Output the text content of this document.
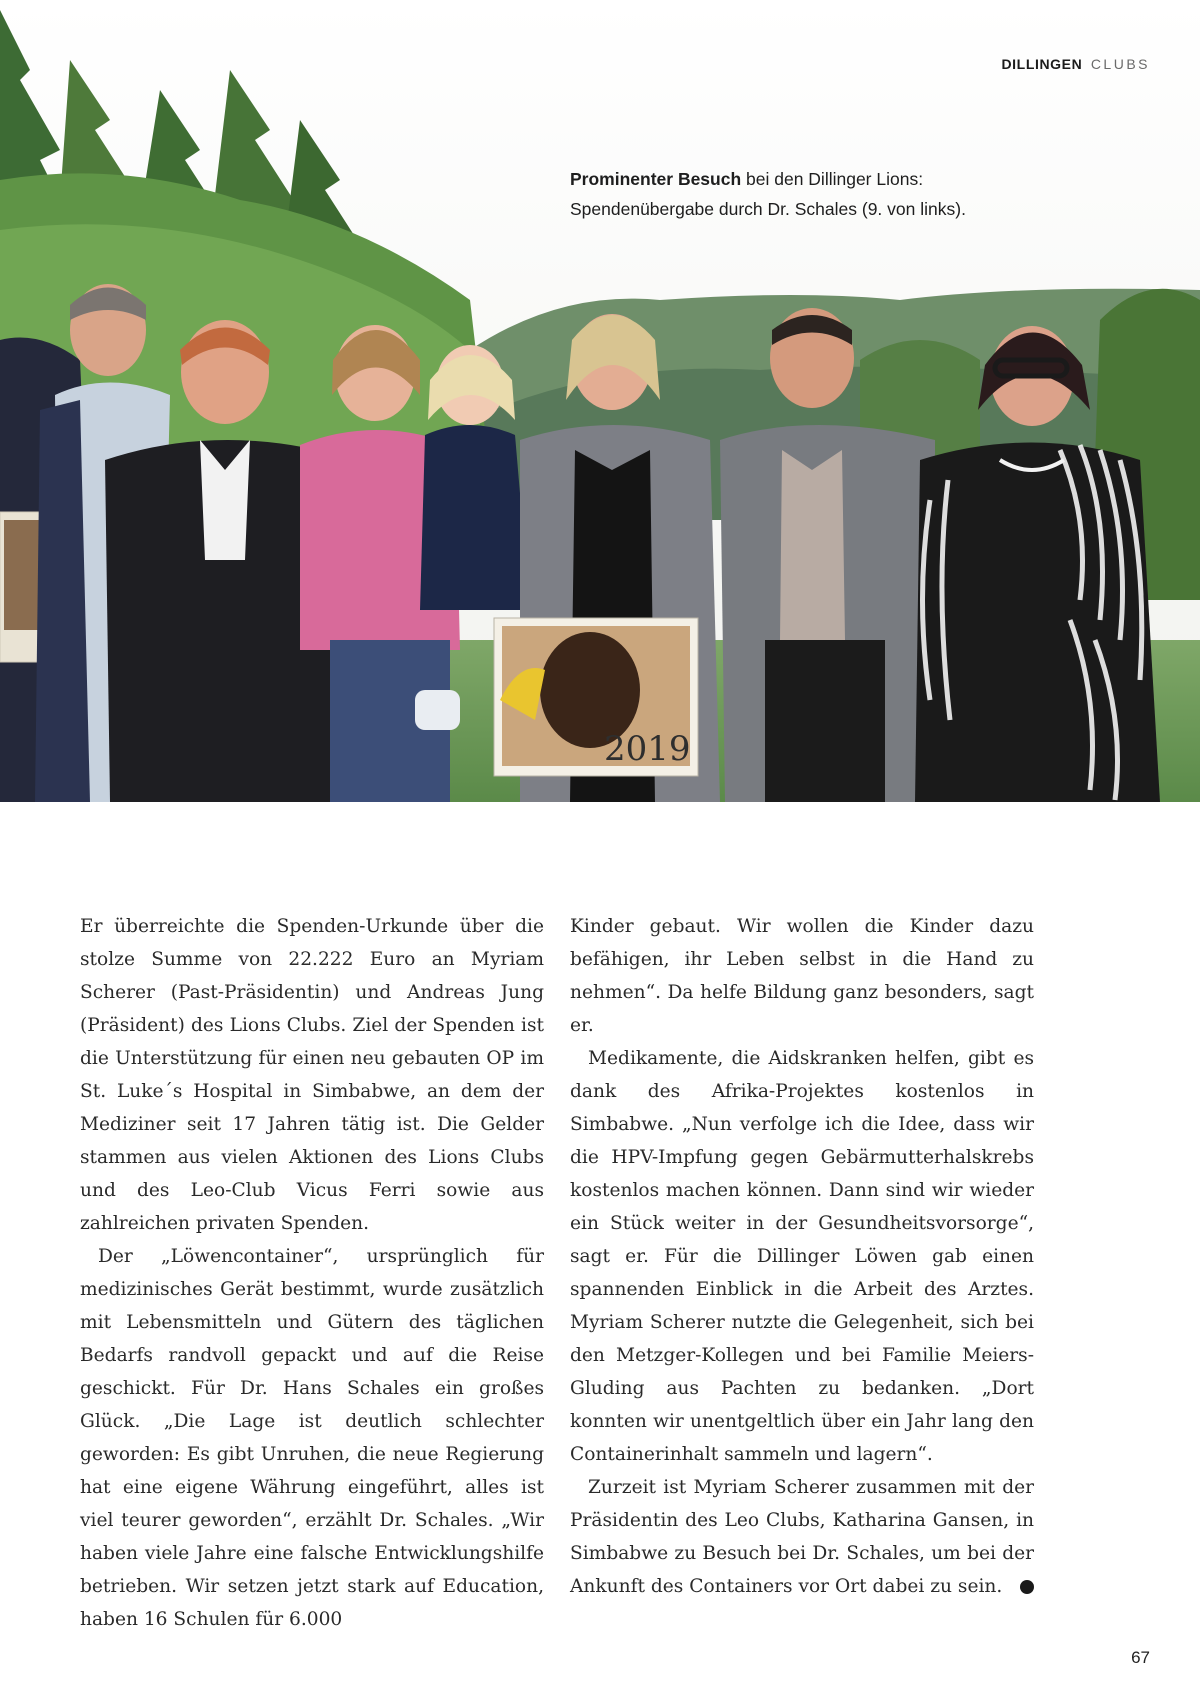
2019

DILLINGEN CLUBS

Prominenter Besuch bei den Dillinger Lions: Spendenübergabe durch Dr. Schales (9. von links).

Er überreichte die Spenden-Urkunde über die stolze Summe von 22.222 Euro an Myriam Scherer (Past-Präsidentin) und Andreas Jung (Präsident) des Lions Clubs. Ziel der Spenden ist die Unterstützung für einen neu gebauten OP im St. Luke´s Hospital in Simbabwe, an dem der Mediziner seit 17 Jahren tätig ist. Die Gelder stammen aus vielen Aktionen des Lions Clubs und des Leo-Club Vicus Ferri sowie aus zahlreichen privaten Spenden.

Der „Löwencontainer“, ursprünglich für medizinisches Gerät bestimmt, wurde zusätzlich mit Lebensmitteln und Gütern des täglichen Bedarfs randvoll gepackt und auf die Reise geschickt. Für Dr. Hans Schales ein großes Glück. „Die Lage ist deutlich schlechter geworden: Es gibt Unruhen, die neue Regierung hat eine eigene Währung eingeführt, alles ist viel teurer geworden“, erzählt Dr. Schales. „Wir haben viele Jahre eine falsche Entwicklungshilfe betrieben. Wir setzen jetzt stark auf Education, haben 16 Schulen für 6.000

Kinder gebaut. Wir wollen die Kinder dazu befähigen, ihr Leben selbst in die Hand zu nehmen“. Da helfe Bildung ganz besonders, sagt er.

Medikamente, die Aidskranken helfen, gibt es dank des Afrika-Projektes kostenlos in Simbabwe. „Nun verfolge ich die Idee, dass wir die HPV-Impfung gegen Gebärmutterhalskrebs kostenlos machen können. Dann sind wir wieder ein Stück weiter in der Gesundheitsvorsorge“, sagt er. Für die Dillinger Löwen gab einen spannenden Einblick in die Arbeit des Arztes. Myriam Scherer nutzte die Gelegenheit, sich bei den Metzger-Kollegen und bei Familie Meiers-Gluding aus Pachten zu bedanken. „Dort konnten wir unentgeltlich über ein Jahr lang den Containerinhalt sammeln und lagern“.

Zurzeit ist Myriam Scherer zusammen mit der Präsidentin des Leo Clubs, Katharina Gansen, in Simbabwe zu Besuch bei Dr. Schales, um bei der Ankunft des Containers vor Ort dabei zu sein.	L

67
